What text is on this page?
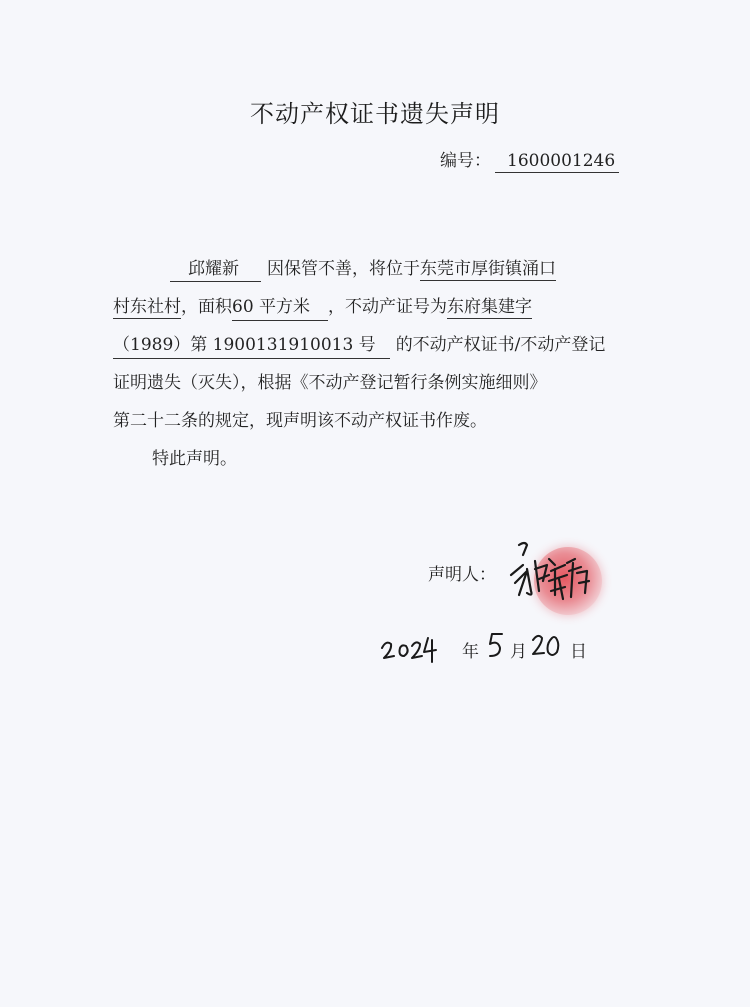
不动产权证书遗失声明
编号： 1600001246
邱耀新 因保管不善，将位于东莞市厚街镇涌口
村东社村，面积60 平方米 ，不动产证号为东府集建字
（1989）第 1900131910013 号 的不动产权证书/不动产登记
证明遗失（灭失），根据《不动产登记暂行条例实施细则》
第二十二条的规定，现声明该不动产权证书作废。
特此声明。
声明人：
年 月	日
